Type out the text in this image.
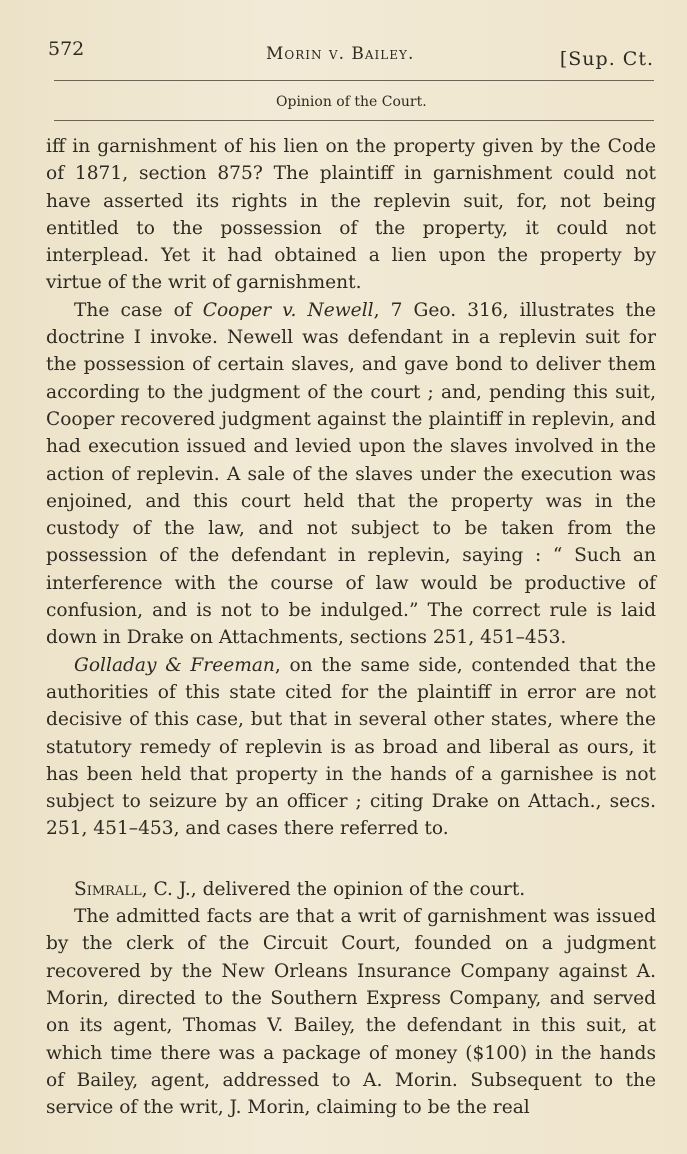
572	Morin v. Bailey.	[Sup. Ct.
Opinion of the Court.

iff in garnishment of his lien on the property given by the Code of 1871, section 875? The plaintiff in garnishment could not have asserted its rights in the replevin suit, for, not being entitled to the possession of the property, it could not interplead. Yet it had obtained a lien upon the property by virtue of the writ of garnishment.

The case of Cooper v. Newell, 7 Geo. 316, illustrates the doctrine I invoke. Newell was defendant in a replevin suit for the possession of certain slaves, and gave bond to deliver them according to the judgment of the court ; and, pending this suit, Cooper recovered judgment against the plaintiff in replevin, and had execution issued and levied upon the slaves involved in the action of replevin. A sale of the slaves under the execution was enjoined, and this court held that the property was in the custody of the law, and not subject to be taken from the possession of the defendant in replevin, saying : “ Such an interference with the course of law would be productive of confusion, and is not to be indulged.” The correct rule is laid down in Drake on Attachments, sections 251, 451–453.

Golladay & Freeman, on the same side, contended that the authorities of this state cited for the plaintiff in error are not decisive of this case, but that in several other states, where the statutory remedy of replevin is as broad and liberal as ours, it has been held that property in the hands of a garnishee is not subject to seizure by an officer ; citing Drake on Attach., secs. 251, 451–453, and cases there referred to.

Simrall, C. J., delivered the opinion of the court.

The admitted facts are that a writ of garnishment was issued by the clerk of the Circuit Court, founded on a judgment recovered by the New Orleans Insurance Company against A. Morin, directed to the Southern Express Company, and served on its agent, Thomas V. Bailey, the defendant in this suit, at which time there was a package of money ($100) in the hands of Bailey, agent, addressed to A. Morin. Subsequent to the service of the writ, J. Morin, claiming to be the real
